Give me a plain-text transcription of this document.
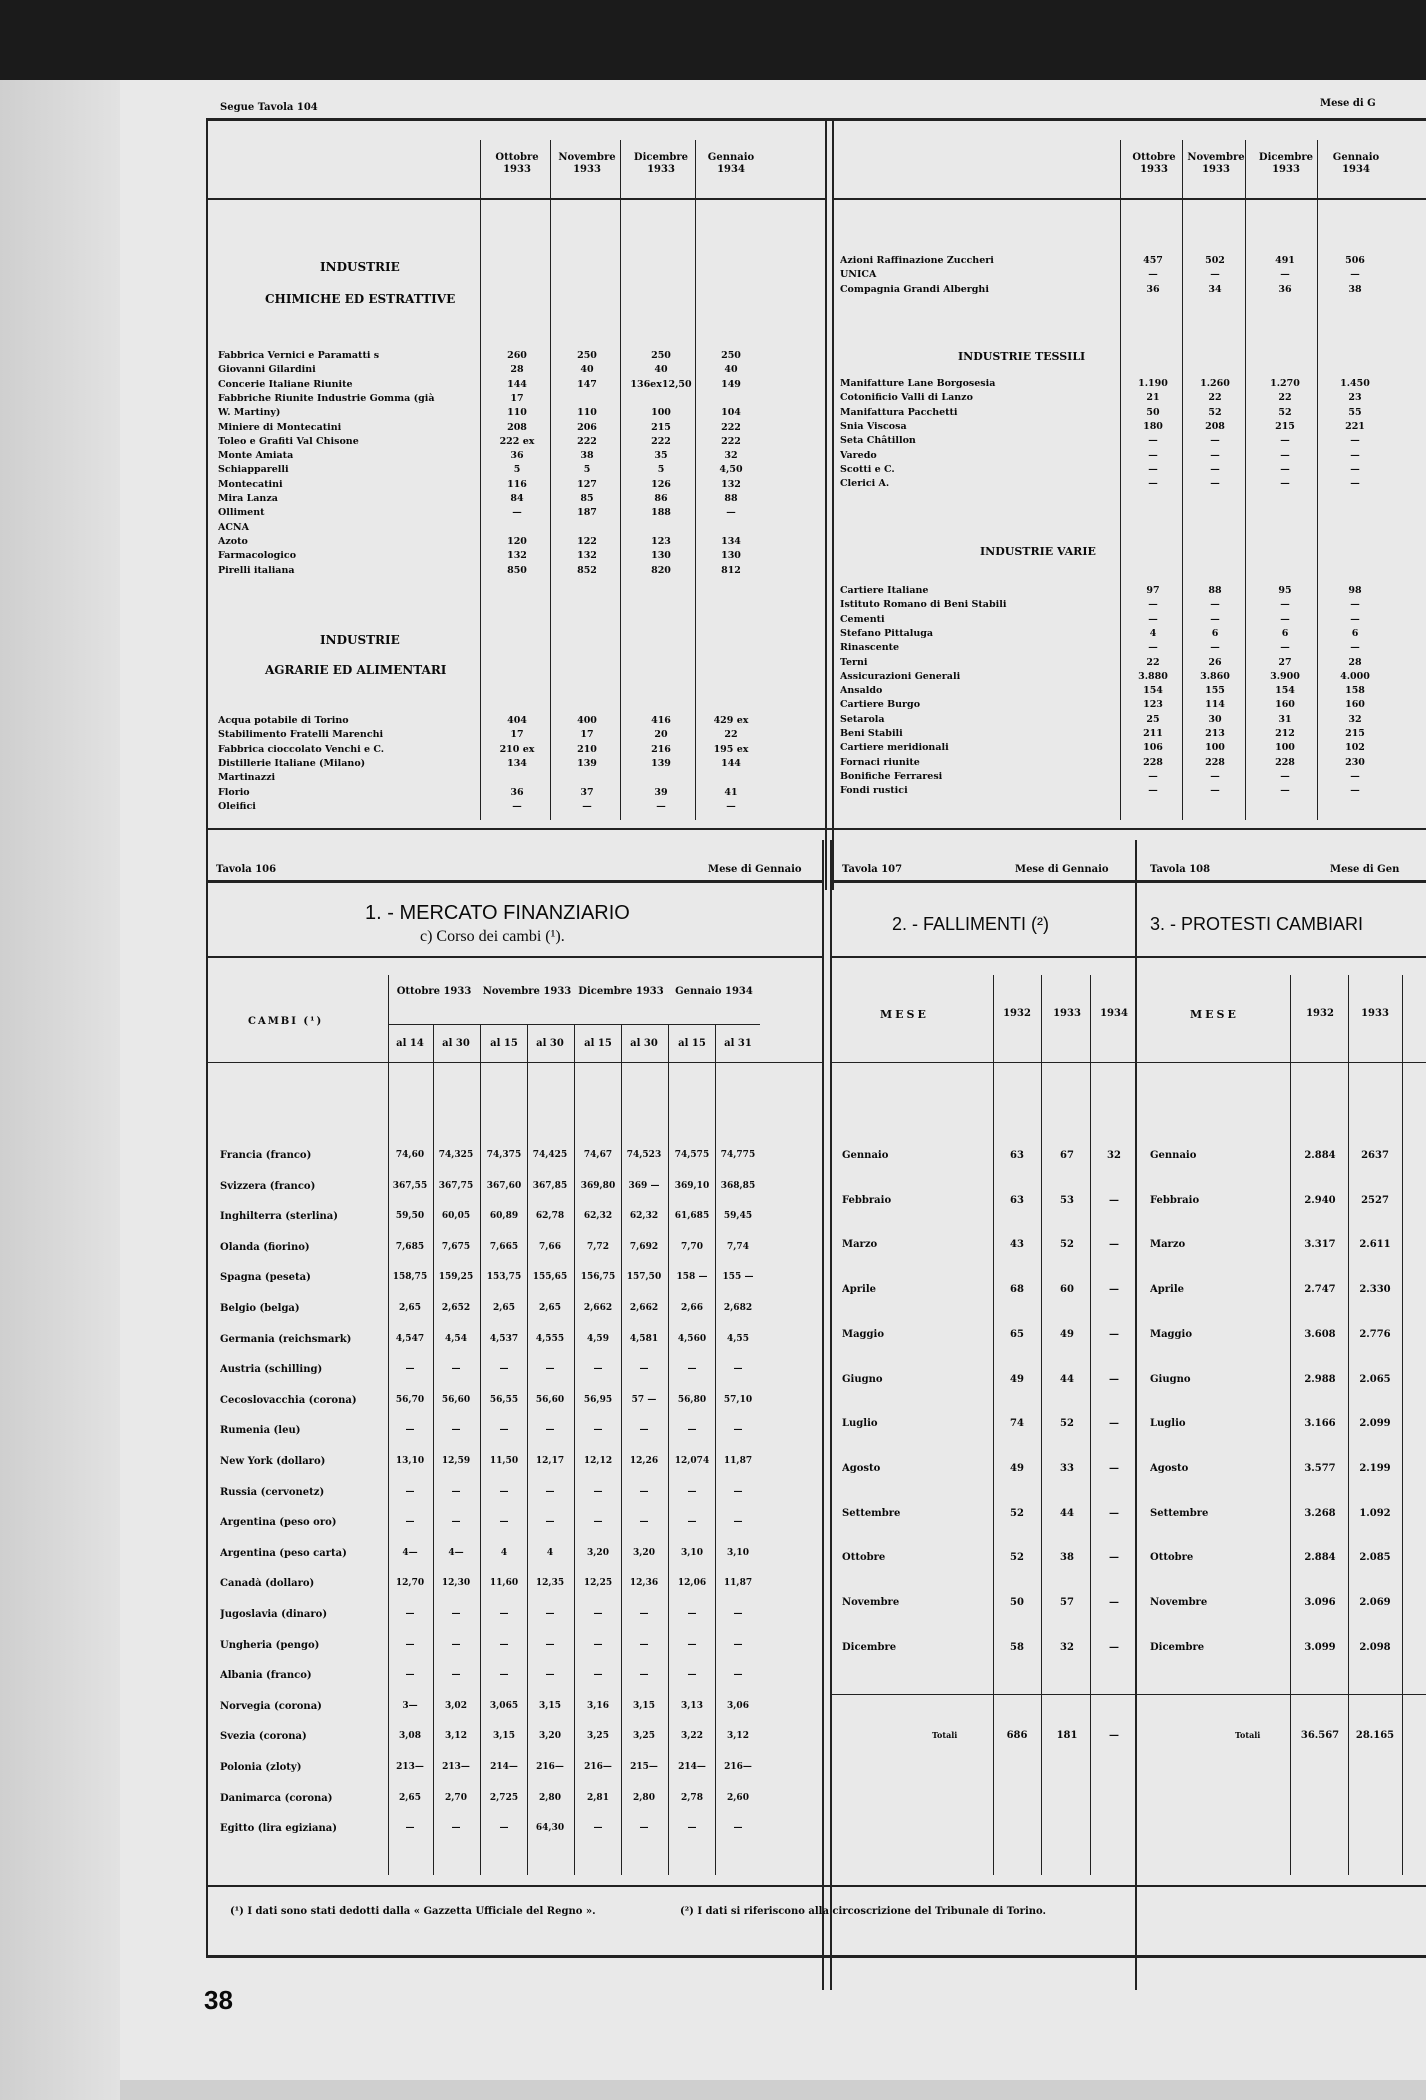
Segue Tavola 104	Mese di G
Ottobre 1933
Novembre 1933
Dicembre 1933
Gennaio 1934
INDUSTRIE
CHIMICHE ED ESTRATTIVE
Fabbrica Vernici e Paramatti s	260	250	250	250
Giovanni Gilardini	28	40	40	40
Concerie Italiane Riunite	144	147	136ex12,50	149
Fabbriche Riunite Industrie Gomma (già	17
W. Martiny)	110	110	100	104
Miniere di Montecatini	208	206	215	222
Toleo e Grafiti Val Chisone	222 ex	222	222	222
Monte Amiata	36	38	35	32
Schiapparelli	5	5	5	4,50
Montecatini	116	127	126	132
Mira Lanza	84	85	86	88
Olliment	—	187	188	—
ACNA
Azoto	120	122	123	134
Farmacologico	132	132	130	130
Pirelli italiana	850	852	820	812
INDUSTRIE
AGRARIE ED ALIMENTARI
Acqua potabile di Torino	404	400	416	429 ex
Stabilimento Fratelli Marenchi	17	17	20	22
Fabbrica cioccolato Venchi e C.	210 ex	210	216	195 ex
Distillerie Italiane (Milano)	134	139	139	144
Martinazzi
Florio	36	37	39	41
Oleifici	—	—	—	—
Ottobre 1933
Novembre 1933
Dicembre 1933
Gennaio 1934
Azioni Raffinazione Zuccheri	457	502	491	506
UNICA	—	—	—	—
Compagnia Grandi Alberghi	36	34	36	38
INDUSTRIE TESSILI
Manifatture Lane Borgosesia	1.190	1.260	1.270	1.450
Cotonificio Valli di Lanzo	21	22	22	23
Manifattura Pacchetti	50	52	52	55
Snia Viscosa	180	208	215	221
Seta Châtillon	—	—	—	—
Varedo	—	—	—	—
Scotti e C.	—	—	—	—
Clerici A.	—	—	—	—
INDUSTRIE VARIE
Cartiere Italiane	97	88	95	98
Istituto Romano di Beni Stabili	—	—	—	—
Cementi	—	—	—	—
Stefano Pittaluga	4	6	6	6
Rinascente	—	—	—	—
Terni	22	26	27	28
Assicurazioni Generali	3.880	3.860	3.900	4.000
Ansaldo	154	155	154	158
Cartiere Burgo	123	114	160	160
Setarola	25	30	31	32
Beni Stabili	211	213	212	215
Cartiere meridionali	106	100	100	102
Fornaci riunite	228	228	228	230
Bonifiche Ferraresi	—	—	—	—
Fondi rustici	—	—	—	—
Tavola 106	Mese di Gennaio
1. - MERCATO FINANZIARIO
c) Corso dei cambi (¹).
CAMBI (¹)
Ottobre 1933	Novembre 1933 Dicembre 1933	Gennaio 1934
al 14	al 30	al 15	al 30	al 15	al 30	al 15	al 31
Francia (franco)	74,60	74,325	74,375	74,425	74,67	74,523	74,575	74,775
Svizzera (franco)	367,55	367,75	367,60	367,85	369,80	369 —	369,10	368,85
Inghilterra (sterlina)	59,50	60,05	60,89	62,78	62,32	62,32	61,685	59,45
Olanda (fiorino)	7,685	7,675	7,665	7,66	7,72	7,692	7,70	7,74
Spagna (peseta)	158,75	159,25	153,75	155,65	156,75	157,50	158 —	155 —
Belgio (belga)	2,65	2,652	2,65	2,65	2,662	2,662	2,66	2,682
Germania (reichsmark)	4,547	4,54	4,537	4,555	4,59	4,581	4,560	4,55
Austria (schilling)	—	—	—	—	—	—	—	—
Cecoslovacchia (corona)	56,70	56,60	56,55	56,60	56,95	57 —	56,80	57,10
Rumenia (leu)	—	—	—	—	—	—	—	—
New York (dollaro)	13,10	12,59	11,50	12,17	12,12	12,26	12,074	11,87
Russia (cervonetz)	—	—	—	—	—	—	—	—
Argentina (peso oro)	—	—	—	—	—	—	—	—
Argentina (peso carta)	4—	4—	4	4	3,20	3,20	3,10	3,10
Canadà (dollaro)	12,70	12,30	11,60	12,35	12,25	12,36	12,06	11,87
Jugoslavia (dinaro)	—	—	—	—	—	—	—	—
Ungheria (pengo)	—	—	—	—	—	—	—	—
Albania (franco)	—	—	—	—	—	—	—	—
Norvegia (corona)	3—	3,02	3,065	3,15	3,16	3,15	3,13	3,06
Svezia (corona)	3,08	3,12	3,15	3,20	3,25	3,25	3,22	3,12
Polonia (zloty)	213—	213—	214—	216—	216—	215—	214—	216—
Danimarca (corona)	2,65	2,70	2,725	2,80	2,81	2,80	2,78	2,60
Egitto (lira egiziana)	—	—	—	64,30	—	—	—	—
Tavola 107	Mese di Gennaio
2. - FALLIMENTI (²)
MESE	1932	1933	1934
Gennaio	63	67	32
Febbraio	63	53	—
Marzo	43	52	—
Aprile	68	60	—
Maggio	65	49	—
Giugno	49	44	—
Luglio	74	52	—
Agosto	49	33	—
Settembre	52	44	—
Ottobre	52	38	—
Novembre	50	57	—
Dicembre	58	32	—
Totali	686	181	—
Tavola 108	Mese di Gen
3. - PROTESTI CAMBIARI
MESE	1932	1933
Gennaio	2.884	2637
Febbraio	2.940	2527
Marzo	3.317	2.611
Aprile	2.747	2.330
Maggio	3.608	2.776
Giugno	2.988	2.065
Luglio	3.166	2.099
Agosto	3.577	2.199
Settembre	3.268	1.092
Ottobre	2.884	2.085
Novembre	3.096	2.069
Dicembre	3.099	2.098
Totali	36.567	28.165
(¹) I dati sono stati dedotti dalla « Gazzetta Ufficiale del Regno ».	(²) I dati si riferiscono alla circoscrizione del Tribunale di Torino.
38
